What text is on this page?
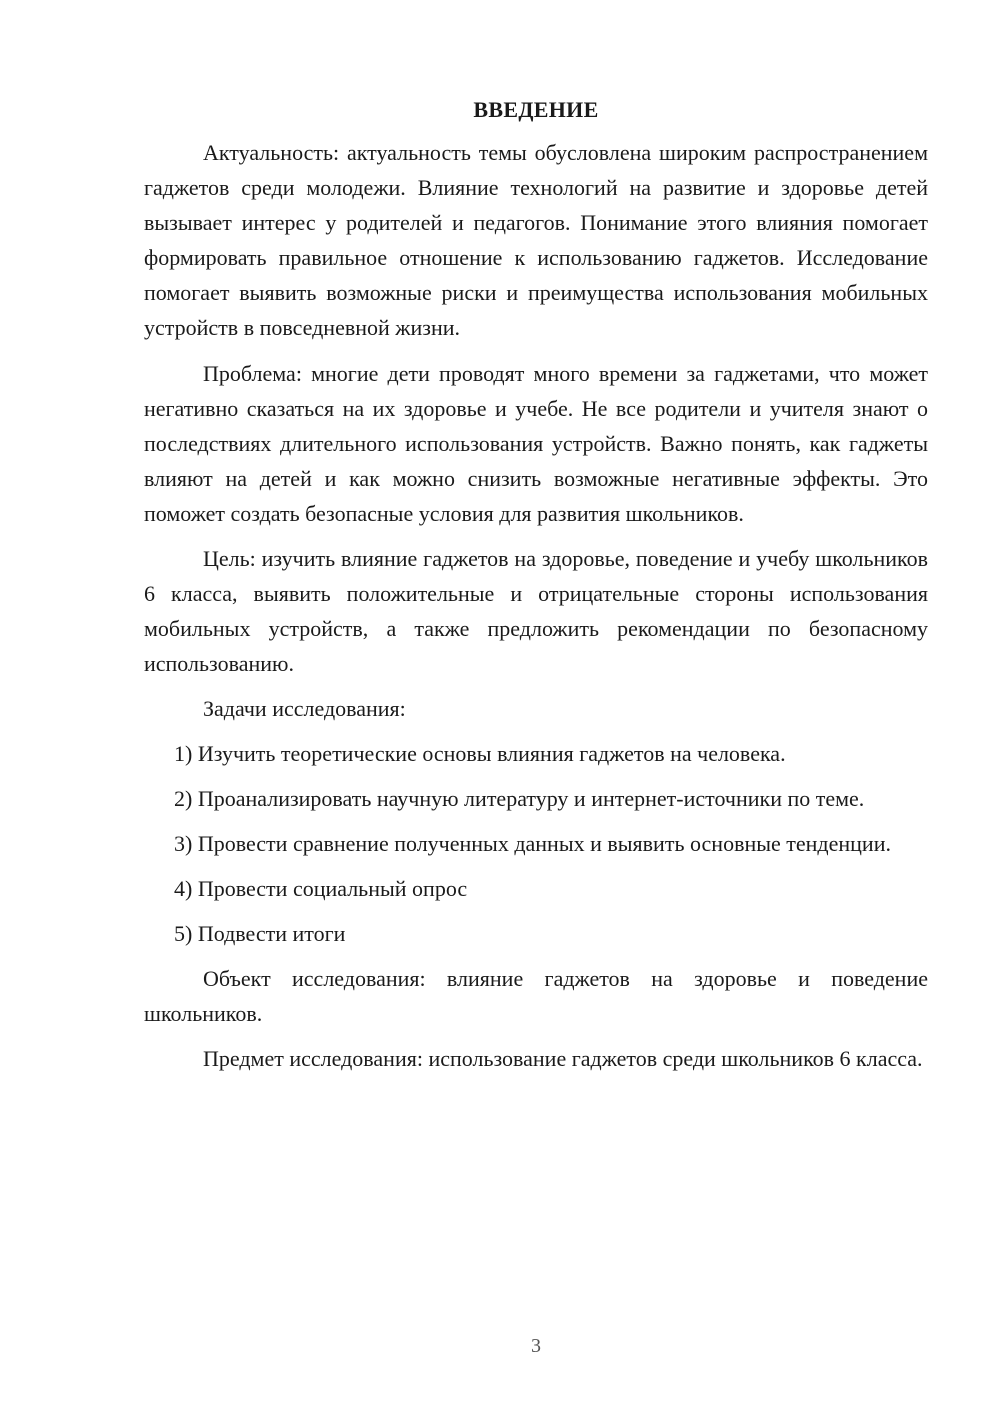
ВВЕДЕНИЕ

Актуальность: актуальность темы обусловлена широким распространением гаджетов среди молодежи. Влияние технологий на развитие и здоровье детей вызывает интерес у родителей и педагогов. Понимание этого влияния помогает формировать правильное отношение к использованию гаджетов. Исследование помогает выявить возможные риски и преимущества использования мобильных устройств в повседневной жизни.

Проблема: многие дети проводят много времени за гаджетами, что может негативно сказаться на их здоровье и учебе. Не все родители и учителя знают о последствиях длительного использования устройств. Важно понять, как гаджеты влияют на детей и как можно снизить возможные негативные эффекты. Это поможет создать безопасные условия для развития школьников.

Цель: изучить влияние гаджетов на здоровье, поведение и учебу школьников 6 класса, выявить положительные и отрицательные стороны использования мобильных устройств, а также предложить рекомендации по безопасному использованию.

Задачи исследования:

1) Изучить теоретические основы влияния гаджетов на человека.

2) Проанализировать научную литературу и интернет-источники по теме.

3) Провести сравнение полученных данных и выявить основные тенденции.

4) Провести социальный опрос

5) Подвести итоги

Объект исследования: влияние гаджетов на здоровье и поведение школьников.

Предмет исследования: использование гаджетов среди школьников 6 класса.

3
